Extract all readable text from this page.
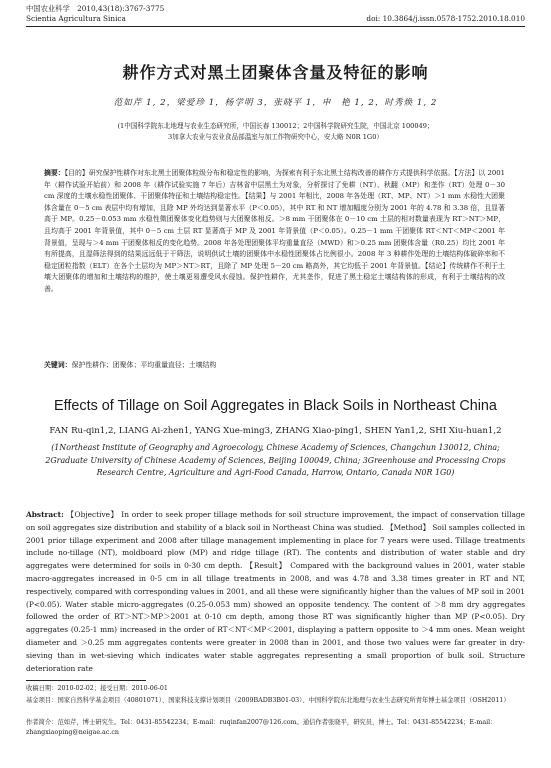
中国农业科学　2010,43(18):3767-3775
Scientia Agricultura Sinica	doi: 10.3864/j.issn.0578-1752.2010.18.010
耕作方式对黑土团聚体含量及特征的影响
范如芹 1, 2，梁爱珍 1，杨学明 3，张晓平 1，申　艳 1, 2，时秀焕 1, 2
(1中国科学院东北地理与农业生态研究所，中国长春 130012；2中国科学院研究生院，中国北京 100049；
3加拿大农业与农业食品部温室与加工作物研究中心，安大略 N0R 1G0）
摘要：【目的】研究保护性耕作对东北黑土团聚体粒级分布和稳定性的影响，为探索有利于东北黑土结构改善的耕作方式提供科学依据。【方法】以 2001 年（耕作试验开始前）和 2008 年（耕作试验实施 7 年后）吉林省中层黑土为对象，分析探讨了免耕（NT）、秋翻（MP）和垄作（RT）处理 0－30 cm 深度的土壤水稳性团聚体、干团聚体特征和土壤结构稳定性。【结果】与 2001 年相比，2008 年各处理（RT、MP、NT）＞1 mm 水稳性大团聚体含量在 0－5 cm 表层中均有增加，且除 MP 外均达到显著水平（P＜0.05），其中 RT 和 NT 增加幅度分别为 2001 年的 4.78 和 3.38 倍，且显著高于 MP。0.25－0.053 mm 水稳性微团聚体变化趋势则与大团聚体相反。＞8 mm 干团聚体在 0－10 cm 土层的相对数量表现为 RT＞NT＞MP，且均高于 2001 年背景值，其中 0－5 cm 土层 RT 显著高于 MP 及 2001 年背景值（P＜0.05）。0.25－1 mm 干团聚体 RT＜NT＜MP＜2001 年背景值，呈现与＞4 mm 干团聚体相反的变化趋势。2008 年各处理团聚体平均重量直径（MWD）和＞0.25 mm 团聚体含量（R0.25）均比 2001 年有所提高，且湿筛法得到的结果远远低于干筛法，说明供试土壤的团聚体中水稳性团聚体占比例很小。2008 年 3 种耕作处理的土壤结构体破碎率和不稳定团粒指数（ELT）在各个土层均为 MP＞NT＞RT，且除了 MP 处理 5－20 cm 略高外，其它均低于 2001 年背景值。【结论】传统耕作不利于土壤大团聚体的增加和土壤结构的维护，使土壤更易遭受风水侵蚀。保护性耕作，尤其垄作，促进了黑土稳定土壤结构体的形成，有利于土壤结构的改善。
关键词：保护性耕作；团聚体；平均重量直径；土壤结构
Effects of Tillage on Soil Aggregates in Black Soils in Northeast China
FAN Ru-qin1,2, LIANG Ai-zhen1, YANG Xue-ming3, ZHANG Xiao-ping1, SHEN Yan1,2, SHI Xiu-huan1,2
(1Northeast Institute of Geography and Agroecology, Chinese Academy of Sciences, Changchun 130012, China; 2Graduate University of Chinese Academy of Sciences, Beijing 100049, China; 3Greenhouse and Processing Crops Research Centre, Agriculture and Agri-Food Canada, Harrow, Ontario, Canada N0R 1G0)
Abstract: 【Objective】 In order to seek proper tillage methods for soil structure improvement, the impact of conservation tillage on soil aggregates size distribution and stability of a black soil in Northeast China was studied. 【Method】 Soil samples collected in 2001 prior tillage experiment and 2008 after tillage management implementing in place for 7 years were used. Tillage treatments include no-tillage (NT), moldboard plow (MP) and ridge tillage (RT). The contents and distribution of water stable and dry aggregates were determined for soils in 0-30 cm depth. 【Result】 Compared with the background values in 2001, water stable macro-aggregates increased in 0-5 cm in all tillage treatments in 2008, and was 4.78 and 3.38 times greater in RT and NT, respectively, compared with corresponding values in 2001, and all these were significantly higher than the values of MP soil in 2001 (P<0.05). Water stable micro-aggregates (0.25-0.053 mm) showed an opposite tendency. The content of ＞8 mm dry aggregates followed the order of RT＞NT＞MP＞2001 at 0-10 cm depth, among those RT was significantly higher than MP (P<0.05). Dry aggregates (0.25-1 mm) increased in the order of RT＜NT＜MP＜2001, displaying a pattern opposite to ＞4 mm ones. Mean weight diameter and ＞0.25 mm aggregates contents were greater in 2008 than in 2001, and those two values were far greater in dry-sieving than in wet-sieving which indicates water stable aggregates representing a small proportion of bulk soil. Structure deterioration rate
收稿日期：2010-02-02；接受日期：2010-06-01
基金项目：国家自然科学基金项目（40801071）、国家科技支撑计划项目（2009BADB3B01-03）、中国科学院东北地理与农业生态研究所青年博士基金项目（OSH2011）
作者简介：范如芹，博士研究生。Tel：0431-85542234；E-mail：ruqinfan2007@126.com。通信作者张晓平，研究员，博士。Tel：0431-85542234；E-mail：zhangxiaoping@neigae.ac.cn
